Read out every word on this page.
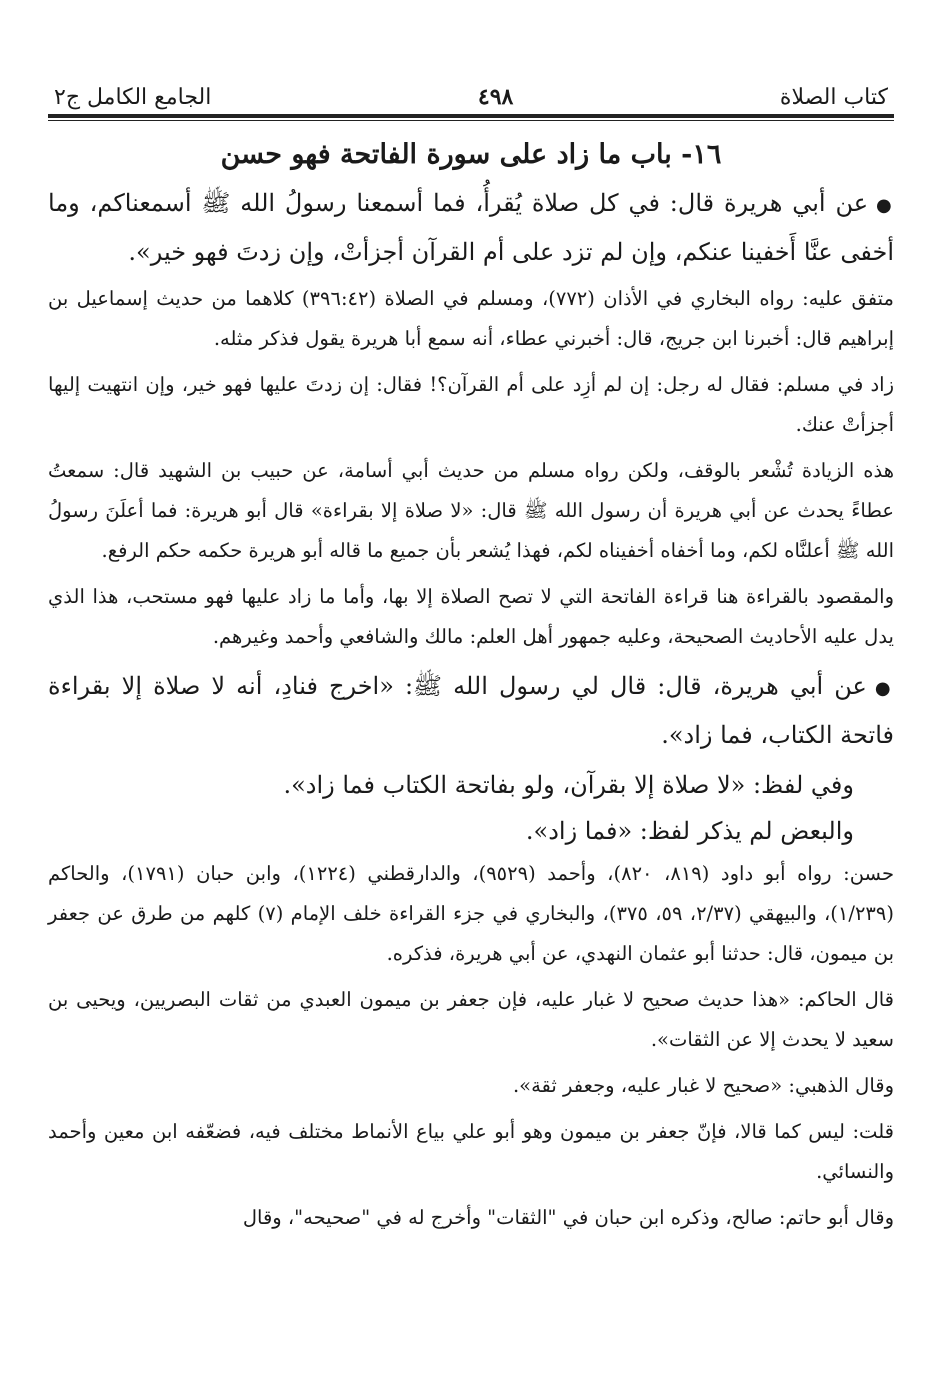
كتاب الصلاة
٤٩٨
الجامع الكامل ج٢
١٦- باب ما زاد على سورة الفاتحة فهو حسن

●عن أبي هريرة قال: في كل صلاة يُقرأُ، فما أسمعنا رسولُ الله ﷺ أسمعناكم، وما أخفى عنَّا أَخفينا عنكم، وإن لم تزد على أم القرآن أجزأتْ، وإن زدتَ فهو خير».

متفق عليه: رواه البخاري في الأذان (٧٧٢)، ومسلم في الصلاة (٣٩٦:٤٢) كلاهما من حديث إسماعيل بن إبراهيم قال: أخبرنا ابن جريج، قال: أخبرني عطاء، أنه سمع أبا هريرة يقول فذكر مثله.

زاد في مسلم: فقال له رجل: إن لم أزِد على أم القرآن؟! فقال: إن زدتَ عليها فهو خير، وإن انتهيت إليها أجزأتْ عنك.

هذه الزيادة تُشْعر بالوقف، ولكن رواه مسلم من حديث أبي أسامة، عن حبيب بن الشهيد قال: سمعتُ عطاءً يحدث عن أبي هريرة أن رسول الله ﷺ قال: «لا صلاة إلا بقراءة» قال أبو هريرة: فما أعلَنَ رسولُ الله ﷺ أعلنَّاه لكم، وما أخفاه أخفيناه لكم، فهذا يُشعر بأن جميع ما قاله أبو هريرة حكمه حكم الرفع.

والمقصود بالقراءة هنا قراءة الفاتحة التي لا تصح الصلاة إلا بها، وأما ما زاد عليها فهو مستحب، هذا الذي يدل عليه الأحاديث الصحيحة، وعليه جمهور أهل العلم: مالك والشافعي وأحمد وغيرهم.

●عن أبي هريرة، قال: قال لي رسول الله ﷺ: «اخرج فنادِ، أنه لا صلاة إلا بقراءة فاتحة الكتاب، فما زاد».

وفي لفظ: «لا صلاة إلا بقرآن، ولو بفاتحة الكتاب فما زاد».

والبعض لم يذكر لفظ: «فما زاد».

حسن: رواه أبو داود (٨١٩، ٨٢٠)، وأحمد (٩٥٢٩)، والدارقطني (١٢٢٤)، وابن حبان (١٧٩١)، والحاكم (١/٢٣٩)، والبيهقي (٢/٣٧، ٥٩، ٣٧٥)، والبخاري في جزء القراءة خلف الإمام (٧) كلهم من طرق عن جعفر بن ميمون، قال: حدثنا أبو عثمان النهدي، عن أبي هريرة، فذكره.

قال الحاكم: «هذا حديث صحيح لا غبار عليه، فإن جعفر بن ميمون العبدي من ثقات البصريين، ويحيى بن سعيد لا يحدث إلا عن الثقات».

وقال الذهبي: «صحيح لا غبار عليه، وجعفر ثقة».

قلت: ليس كما قالا، فإنّ جعفر بن ميمون وهو أبو علي بياع الأنماط مختلف فيه، فضعّفه ابن معين وأحمد والنسائي.

وقال أبو حاتم: صالح، وذكره ابن حبان في "الثقات" وأخرج له في "صحيحه"، وقال
